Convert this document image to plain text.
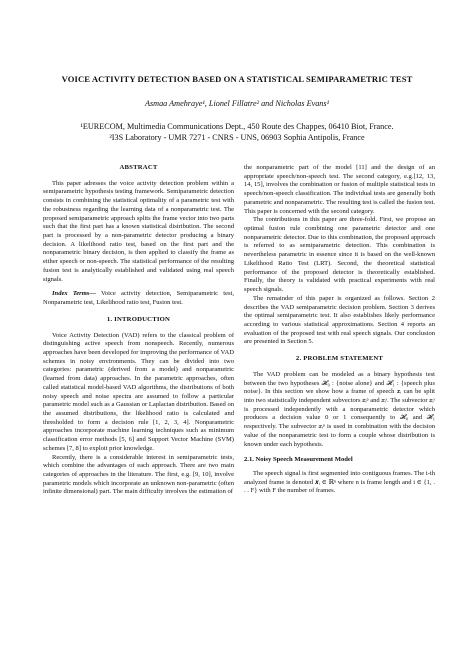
VOICE ACTIVITY DETECTION BASED ON A STATISTICAL SEMIPARAMETRIC TEST
Asmaa Amehraye¹, Lionel Fillatre² and Nicholas Evans¹
¹EURECOM, Multimedia Communications Dept., 450 Route des Chappes, 06410 Biot, France.
²I3S Laboratory - UMR 7271 - CNRS - UNS, 06903 Sophia Antipolis, France
ABSTRACT

This paper adresses the voice activity detection problem within a semiparametric hypothesis testing framework. Semiparametric detection consists in combining the statistical optimality of a parametric test with the robustness regarding the learning data of a nonparametric test. The proposed semiparametric approach splits the frame vector into two parts such that the first part has a known statistical distribution. The second part is processed by a non-parametric detector producing a binary decision. A likelihood ratio test, based on the first part and the nonparametric binary decision, is then applied to classify the frame as either speech or non-speech. The statistical performance of the resulting fusion test is analytically established and validated using real speech signals.

Index Terms— Voice activity detection, Semiparametric test, Nonparametric test, Likelihood ratio test, Fusion test.

1. INTRODUCTION

Voice Activity Detection (VAD) refers to the classical problem of distinguishing active speech from nonspeech. Recently, numerous approaches have been developed for improving the performance of VAD schemes in noisy environments. They can be divided into two categories: parametric (derived from a model) and nonparametric (learned from data) approaches. In the parametric approaches, often called statistical model-based VAD algorithms, the distributions of both noisy speech and noise spectra are assumed to follow a particular parametric model such as a Gaussian or Laplacian distribution. Based on the assumed distributions, the likelihood ratio is calculated and thresholded to form a decision rule [1, 2, 3, 4]. Nonparametric approaches incorporate machine learning techniques such as minimum classification error methods [5, 6] and Support Vector Machine (SVM) schemes [7, 8] to exploit prior knowledge.

Recently, there is a considerable interest in semiparametric tests, which combine the advantages of each approach. There are two main categories of approaches in the literature. The first, e.g. [9, 10], involve parametric models which incorporate an unknown non-parametric (often infinite dimensional) part. The main difficulty involves the estimation of

the nonparametric part of the model [11] and the design of an appropriate speech/non-speech test. The second category, e.g.[12, 13, 14, 15], involves the combination or fusion of multiple statistical tests in speech/non-speech classification. The individual tests are generally both parametric and nonparametric. The resulting test is called the fusion test. This paper is concerned with the second category.

The contributions in this paper are three-fold. First, we propose an optimal fusion rule combining one parametric detector and one nonparametric detector. Due to this combination, the proposed approach is referred to as semiparametric detection. This combination is nevertheless parametric in essence since it is based on the well-known Likelihood Ratio Test (LRT). Second, the theoretical statistical performance of the proposed detector is theoretically established. Finally, the theory is validated with practical experiments with real speech signals.

The remainder of this paper is organized as follows. Section 2 describes the VAD semiparametric decision problem. Section 3 derives the optimal semiparametric test. It also establishes likely performance according to various statistical approximations. Section 4 reports an evaluation of the proposed test with real speech signals. Our conclusion are presented in Section 5.

2. PROBLEM STATEMENT

The VAD problem can be modeled as a binary hypothesis test between the two hypotheses 𝓗₀ : {noise alone} and 𝓗₁ : {speech plus noise}. In this section we show how a frame of speech 𝒙ᵢ can be split into two statistically independent subvectors 𝒙ᵢᵖ and 𝒙ᵢˢ. The subvector 𝒙ᵢˢ is processed independently with a nonparametric detector which produces a decision value 0 or 1 consequently to 𝓗₀ and 𝓗₁ respectively. The subvector 𝒙ᵢᵖ is used in combination with the decision value of the nonparametric test to form a couple whose distribution is known under each hypothesis.

2.1. Noisy Speech Measurement Model

The speech signal is first segmented into contiguous frames. The i-th analyzed frame is denoted 𝒙ᵢ ∈ ℝⁿ where n is frame length and i ∈ {1, . . . F} with F the number of frames.
